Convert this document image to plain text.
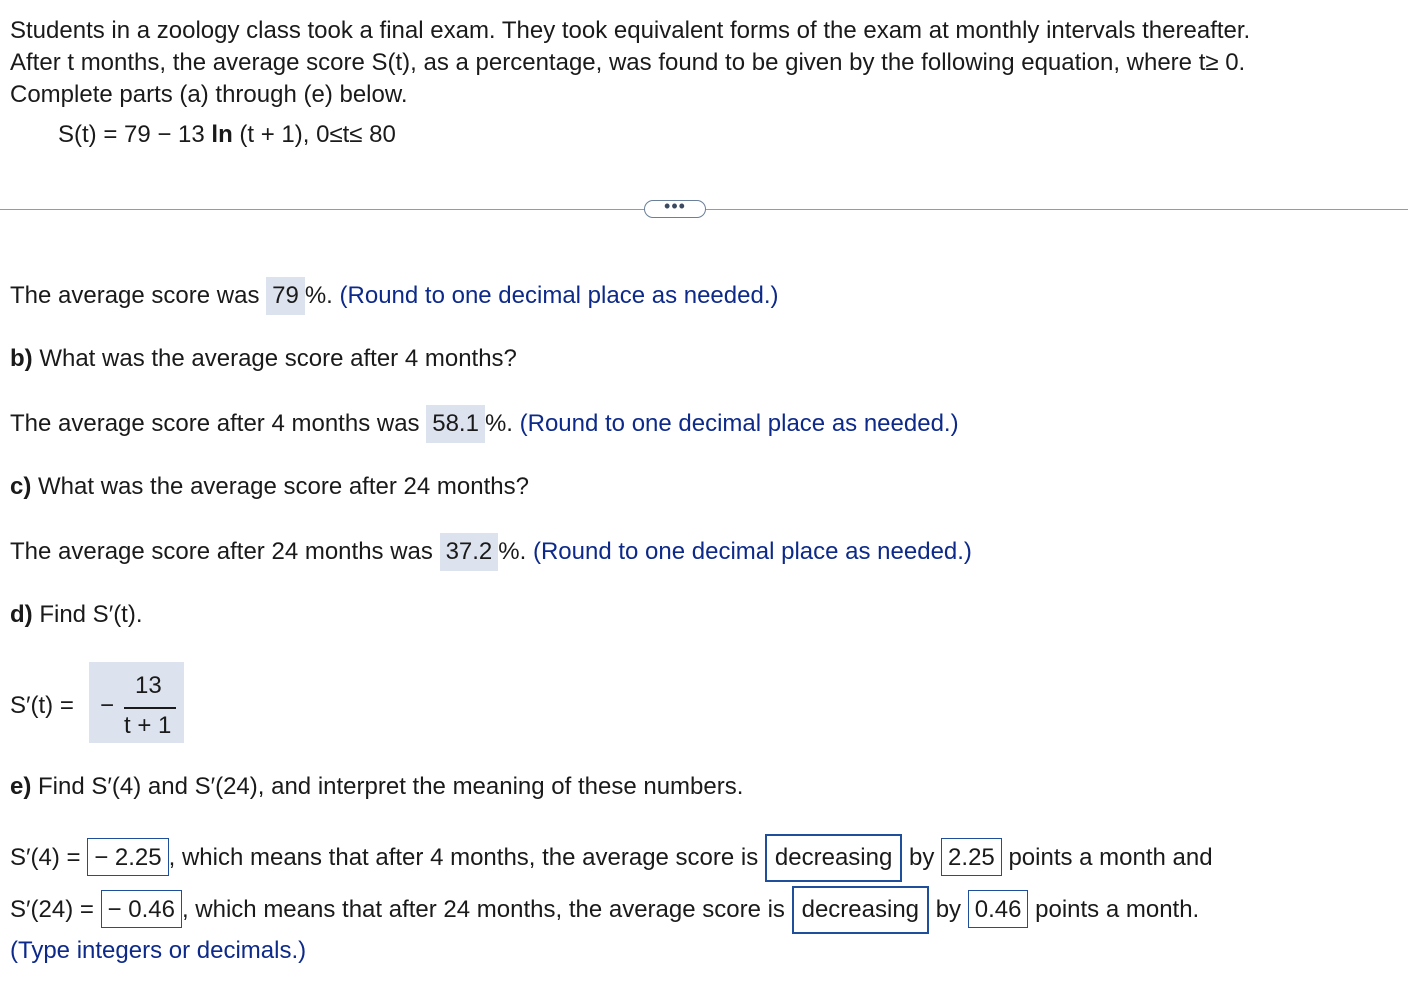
Students in a zoology class took a final exam. They took equivalent forms of the exam at monthly intervals thereafter.
After t months, the average score S(t), as a percentage, was found to be given by the following equation, where t≥ 0.
Complete parts (a) through (e) below.
S(t) = 79 − 13 ln (t + 1), 0≤t≤ 80
•••
The average score was 79 %. (Round to one decimal place as needed.)
b) What was the average score after 4 months?
The average score after 4 months was 58.1 %. (Round to one decimal place as needed.)
c) What was the average score after 24 months?
The average score after 24 months was 37.2 %. (Round to one decimal place as needed.)
d) Find S′(t).
S′(t) = −
13
t + 1
e) Find S′(4) and S′(24), and interpret the meaning of these numbers.
S′(4) = − 2.25 , which means that after 4 months, the average score is decreasing by 2.25 points a month and
S′(24) = − 0.46 , which means that after 24 months, the average score is decreasing by 0.46 points a month.
(Type integers or decimals.)
